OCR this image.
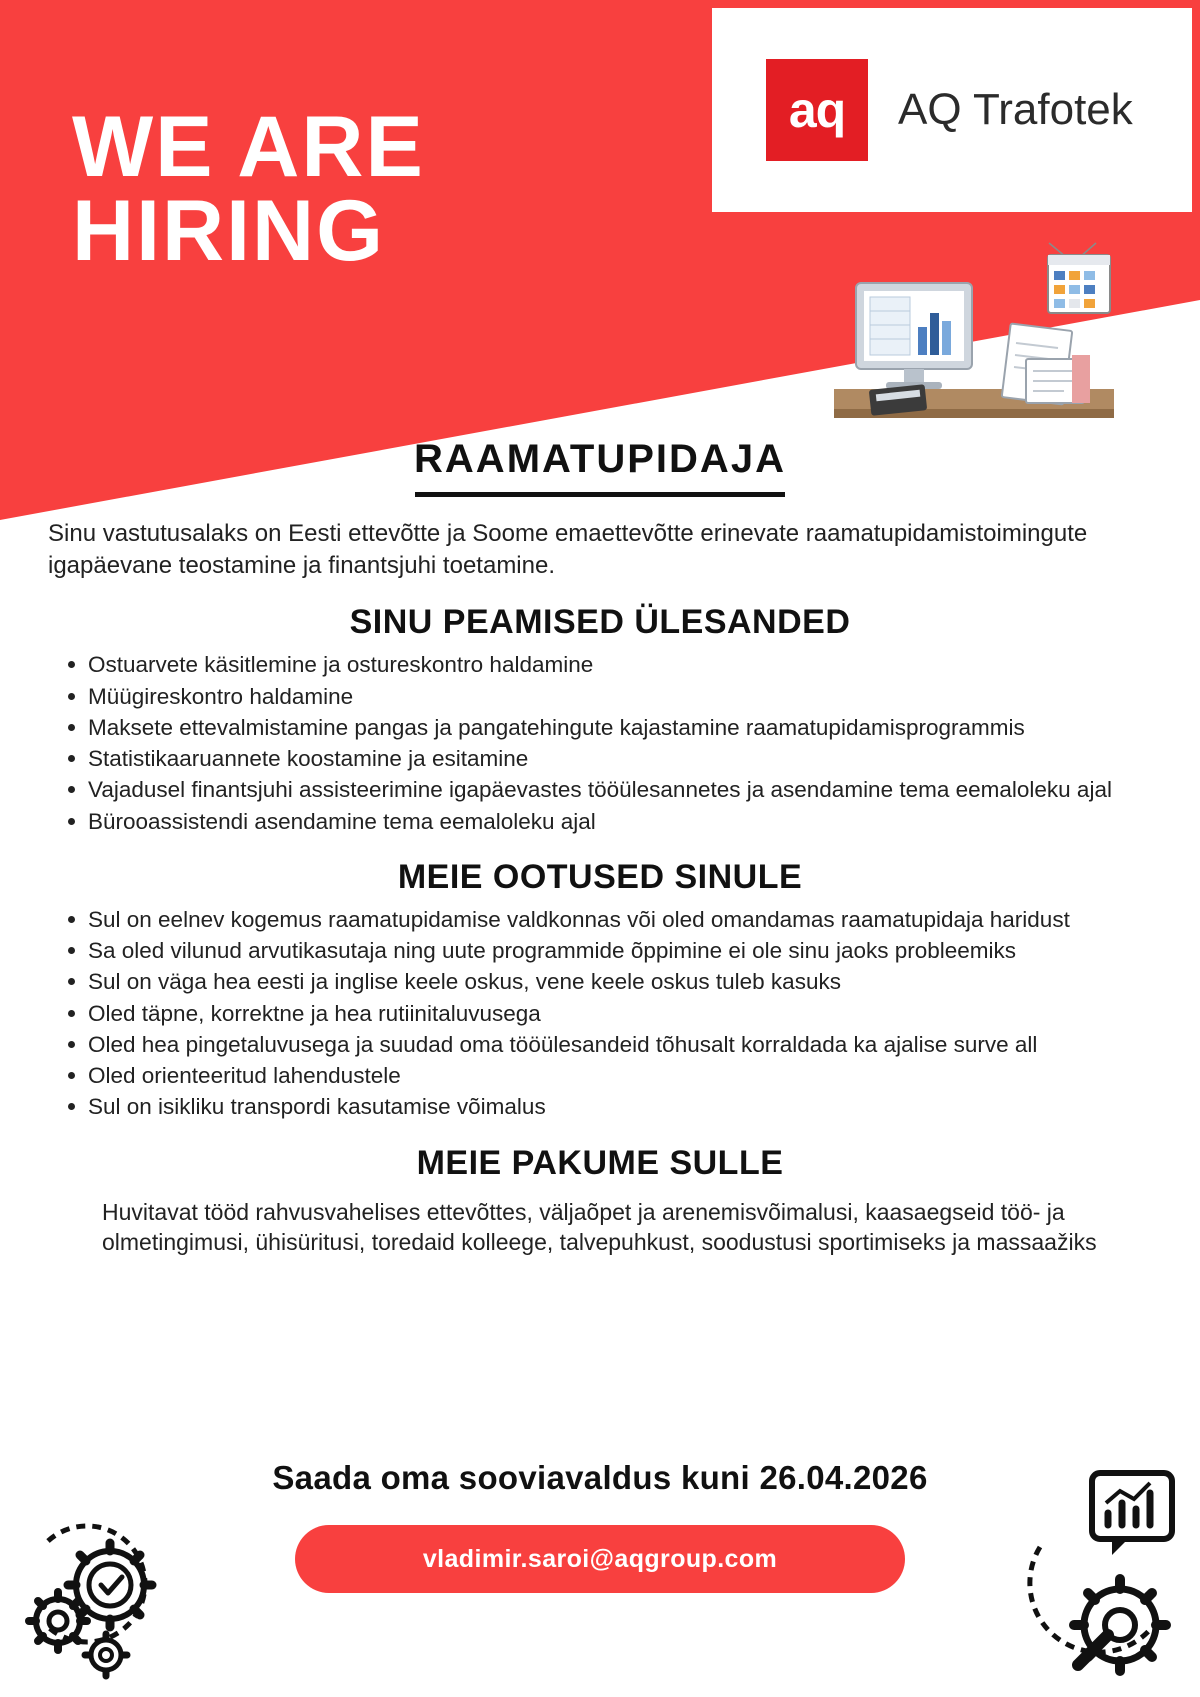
WE ARE
HIRING
aq	AQ Trafotek
RAAMATUPIDAJA

Sinu vastutusalaks on Eesti ettevõtte ja Soome emaettevõtte erinevate raamatupidamistoimingute igapäevane teostamine ja finantsjuhi toetamine.

SINU PEAMISED ÜLESANDED
Ostuarvete käsitlemine ja ostureskontro haldamine
Müügireskontro haldamine
Maksete ettevalmistamine pangas ja pangatehingute kajastamine raamatupidamisprogrammis
Statistikaaruannete koostamine ja esitamine
Vajadusel finantsjuhi assisteerimine igapäevastes tööülesannetes ja asendamine tema eemaloleku ajal
Bürooassistendi asendamine tema eemaloleku ajal
MEIE OOTUSED SINULE
Sul on eelnev kogemus raamatupidamise valdkonnas või oled omandamas raamatupidaja haridust
Sa oled vilunud arvutikasutaja ning uute programmide õppimine ei ole sinu jaoks probleemiks
Sul on väga hea eesti ja inglise keele oskus, vene keele oskus tuleb kasuks
Oled täpne, korrektne ja hea rutiinitaluvusega
Oled hea pingetaluvusega ja suudad oma tööülesandeid tõhusalt korraldada ka ajalise surve all
Oled orienteeritud lahendustele
Sul on isikliku transpordi kasutamise võimalus
MEIE PAKUME SULLE

Huvitavat tööd rahvusvahelises ettevõttes, väljaõpet ja arenemisvõimalusi, kaasaegseid töö- ja olmetingimusi, ühisüritusi, toredaid kolleege, talvepuhkust, soodustusi sportimiseks ja massaažiks

Saada oma sooviavaldus kuni 26.04.2026
vladimir.saroi@aqgroup.com
